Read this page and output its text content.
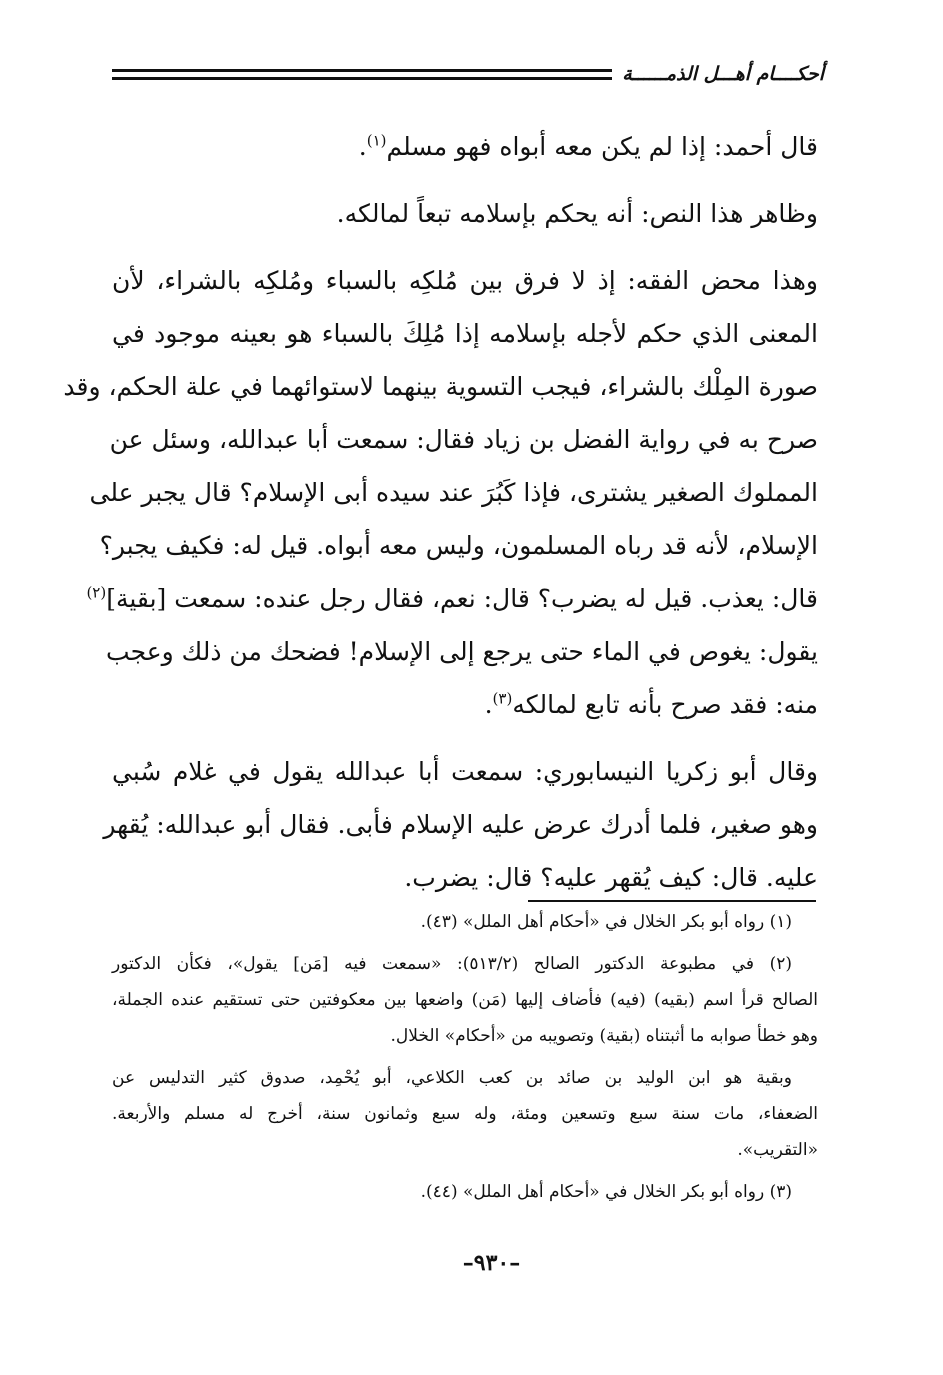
أحكــــام أهـــل الذمــــــة
قال أحمد: إذا لم يكن معه أبواه فهو مسلم$^{(١)}$.
وظاهر هذا النص: أنه يحكم بإسلامه تبعاً لمالكه.
وهذا محض الفقه: إذ لا فرق بين مُلكِه بالسباء ومُلكِه بالشراء، لأن
المعنى الذي حكم لأجله بإسلامه إذا مُلِكَ بالسباء هو بعينه موجود في
صورة المِلْك بالشراء، فيجب التسوية بينهما لاستوائهما في علة الحكم، وقد
صرح به في رواية الفضل بن زياد فقال: سمعت أبا عبدالله، وسئل عن
المملوك الصغير يشترى، فإذا كَبُرَ عند سيده أبى الإسلام؟ قال يجبر على
الإسلام، لأنه قد رباه المسلمون، وليس معه أبواه. قيل له: فكيف يجبر؟
قال: يعذب. قيل له يضرب؟ قال: نعم، فقال رجل عنده: سمعت [بقية]$^{(٢)}$
يقول: يغوص في الماء حتى يرجع إلى الإسلام! فضحك من ذلك وعجب
منه: فقد صرح بأنه تابع لمالكه$^{(٣)}$.
وقال أبو زكريا النيسابوري: سمعت أبا عبدالله يقول في غلام سُبي
وهو صغير، فلما أدرك عرض عليه الإسلام فأبى. فقال أبو عبدالله: يُقهر
عليه. قال: كيف يُقهر عليه؟ قال: يضرب.
(١) رواه أبو بكر الخلال في «أحكام أهل الملل» (٤٣).
(٢) في مطبوعة الدكتور الصالح (٥١٣/٢): «سمعت فيه [مَن] يقول»، فكأن الدكتور
الصالح قرأ اسم (بقيه) (فيه) فأضاف إليها (مَن) واضعها بين معكوفتين حتى تستقيم عنده الجملة،
وهو خطأ صوابه ما أثبتناه (بقية) وتصويبه من «أحكام» الخلال.
وبقية هو ابن الوليد بن صائد بن كعب الكلاعي، أبو يُحْمِد، صدوق كثير التدليس عن
الضعفاء، مات سنة سبع وتسعين ومئة، وله سبع وثمانون سنة، أخرج له مسلم والأربعة.
«التقريب».
(٣) رواه أبو بكر الخلال في «أحكام أهل الملل» (٤٤).
–٩٣٠–
